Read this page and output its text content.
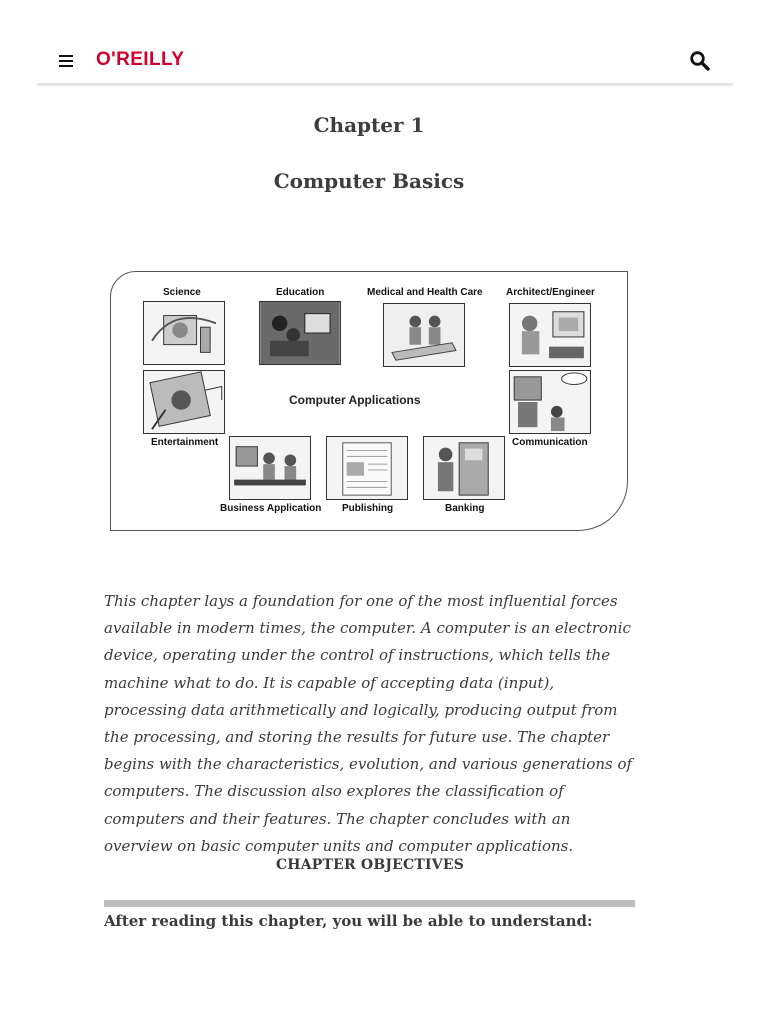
O'REILLY
Chapter 1
Computer Basics
Science	Education	Medical and Health Care Architect/Engineer
Computer Applications
Entertainment	Communication
Business Application Publishing	Banking

This chapter lays a foundation for one of the most influential forces available in modern times, the computer. A computer is an electronic device, operating under the control of instructions, which tells the machine what to do. It is capable of accepting data (input), processing data arithmetically and logically, producing output from the processing, and storing the results for future use. The chapter begins with the characteristics, evolution, and various generations of computers. The discussion also explores the classification of computers and their features. The chapter concludes with an overview on basic computer units and computer applications.

CHAPTER OBJECTIVES
After reading this chapter, you will be able to understand:
